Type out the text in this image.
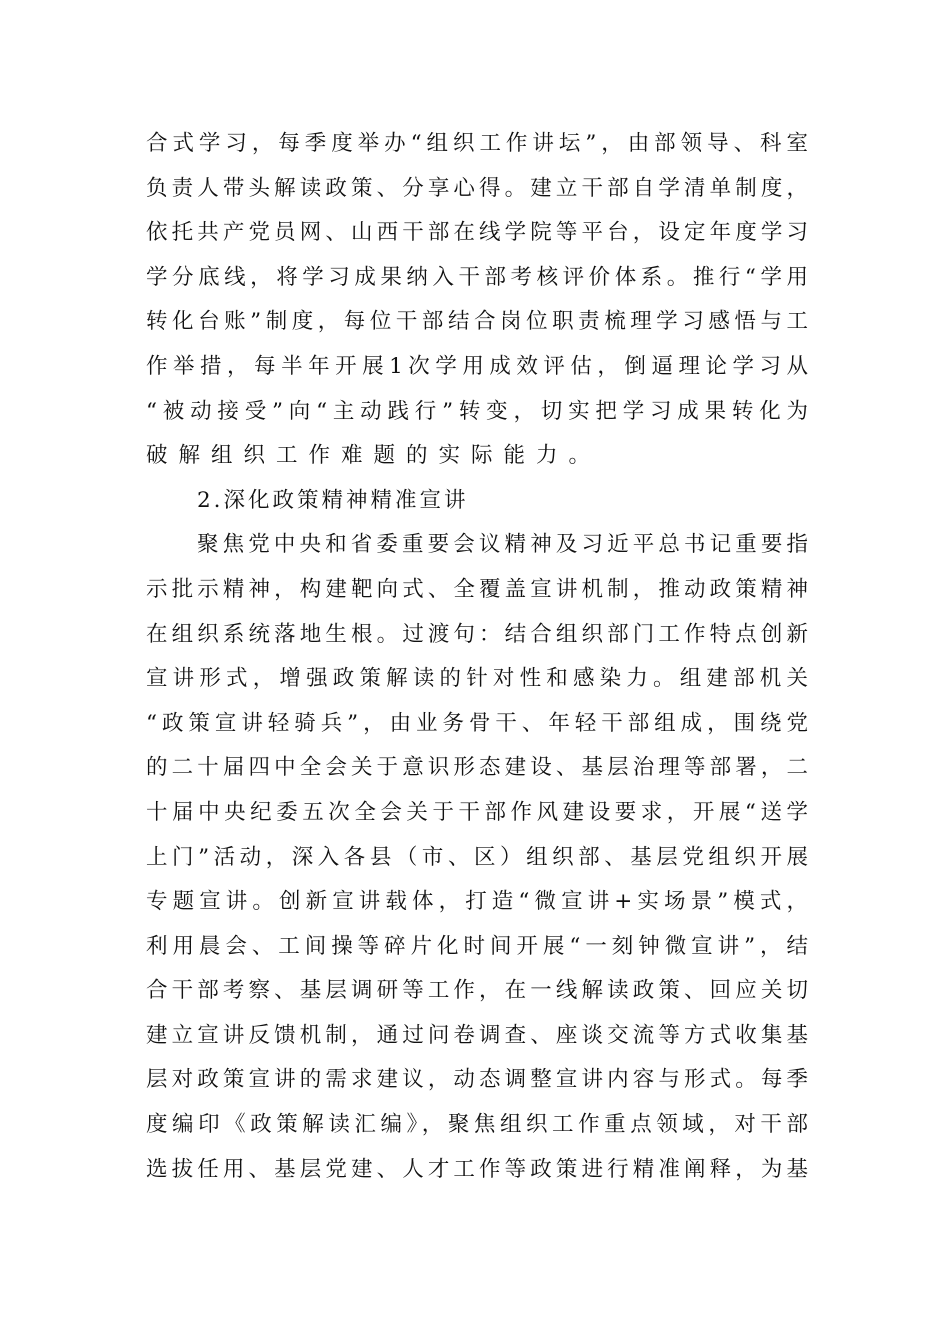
合式学习，每季度举办“组织工作讲坛”，由部领导、科室
负责人带头解读政策、分享心得。建立干部自学清单制度，
依托共产党员网、山西干部在线学院等平台，设定年度学习
学分底线，将学习成果纳入干部考核评价体系。推行“学用
转化台账”制度，每位干部结合岗位职责梳理学习感悟与工
作举措，每半年开展1次学用成效评估，倒逼理论学习从
“被动接受”向“主动践行”转变，切实把学习成果转化为
破解组织工作难题的实际能力。
2.深化政策精神精准宣讲
聚焦党中央和省委重要会议精神及习近平总书记重要指
示批示精神，构建靶向式、全覆盖宣讲机制，推动政策精神
在组织系统落地生根。过渡句：结合组织部门工作特点创新
宣讲形式，增强政策解读的针对性和感染力。组建部机关
“政策宣讲轻骑兵”，由业务骨干、年轻干部组成，围绕党
的二十届四中全会关于意识形态建设、基层治理等部署，二
十届中央纪委五次全会关于干部作风建设要求，开展“送学
上门”活动，深入各县（市、区）组织部、基层党组织开展
专题宣讲。创新宣讲载体，打造“微宣讲+实场景”模式，
利用晨会、工间操等碎片化时间开展“一刻钟微宣讲”，结
合干部考察、基层调研等工作，在一线解读政策、回应关切
建立宣讲反馈机制，通过问卷调查、座谈交流等方式收集基
层对政策宣讲的需求建议，动态调整宣讲内容与形式。每季
度编印《政策解读汇编》，聚焦组织工作重点领域，对干部
选拔任用、基层党建、人才工作等政策进行精准阐释，为基
